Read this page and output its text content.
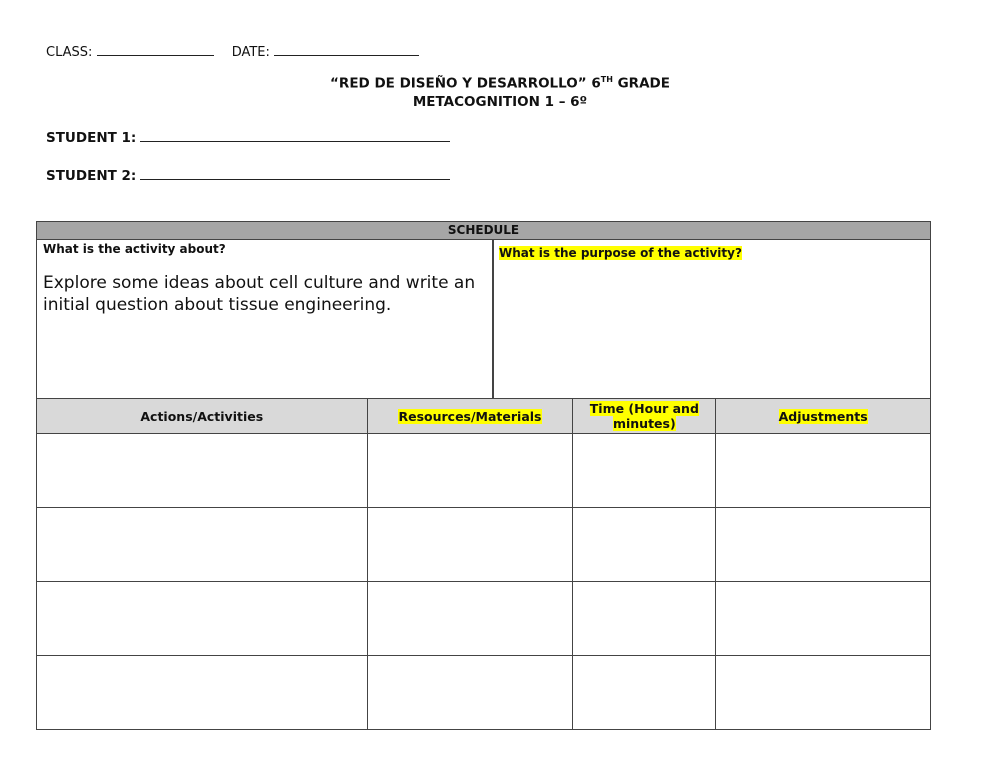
CLASS:	DATE:
“RED DE DISEÑO Y DESARROLLO” 6TH GRADE
METACOGNITION 1 – 6º
STUDENT 1:
STUDENT 2:
SCHEDULE
What is the activity about?
Explore some ideas about cell culture and write an initial question about tissue engineering.
What is the purpose of the activity?
Actions/Activities	Resources/Materials	Time (Hour and minutes)	Adjustments
